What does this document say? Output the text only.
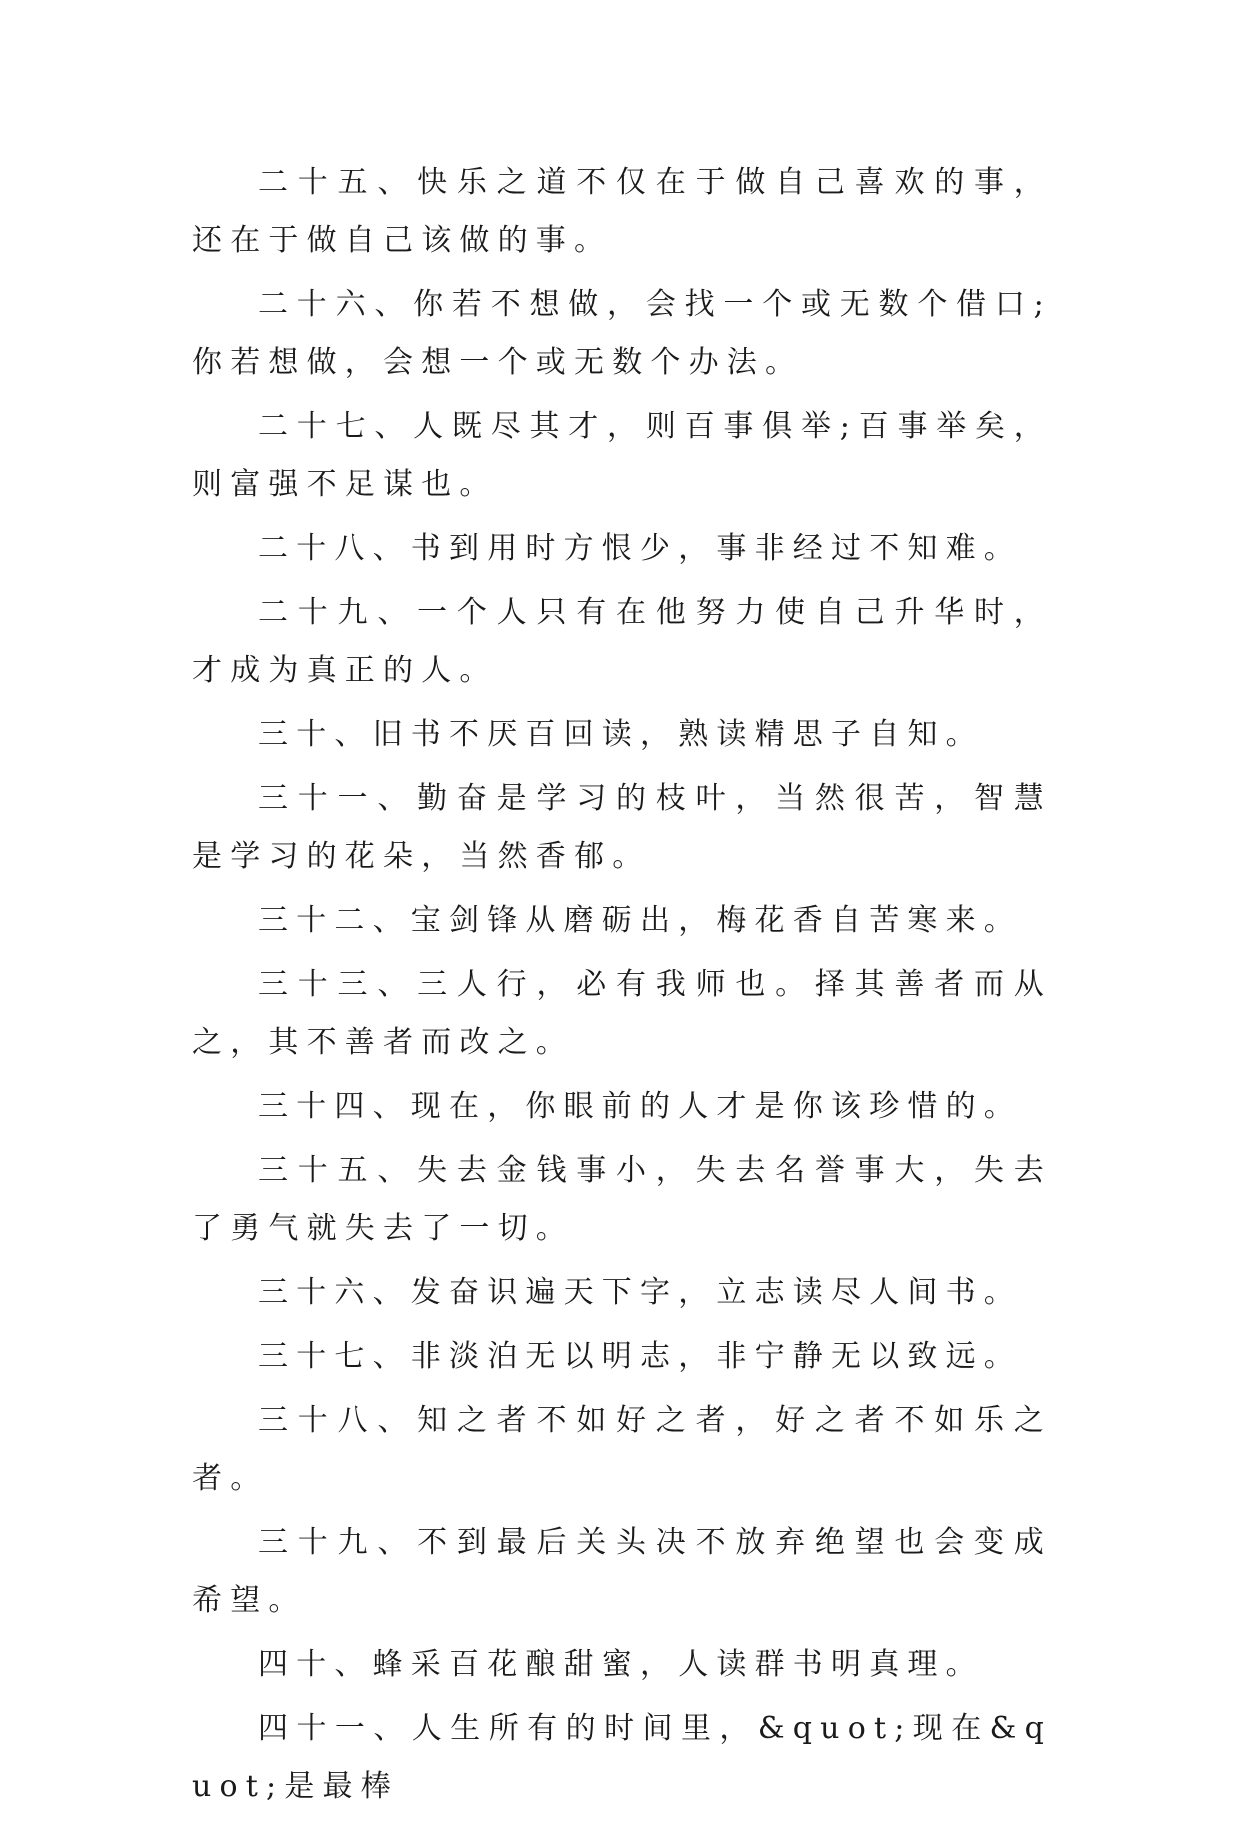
二十五、快乐之道不仅在于做自己喜欢的事，还在于做自己该做的事。

二十六、你若不想做，会找一个或无数个借口;你若想做，会想一个或无数个办法。

二十七、人既尽其才，则百事俱举;百事举矣，则富强不足谋也。

二十八、书到用时方恨少，事非经过不知难。

二十九、一个人只有在他努力使自己升华时，才成为真正的人。

三十、旧书不厌百回读，熟读精思子自知。

三十一、勤奋是学习的枝叶，当然很苦，智慧是学习的花朵，当然香郁。

三十二、宝剑锋从磨砺出，梅花香自苦寒来。

三十三、三人行，必有我师也。择其善者而从之，其不善者而改之。

三十四、现在，你眼前的人才是你该珍惜的。

三十五、失去金钱事小，失去名誉事大，失去了勇气就失去了一切。

三十六、发奋识遍天下字，立志读尽人间书。

三十七、非淡泊无以明志，非宁静无以致远。

三十八、知之者不如好之者，好之者不如乐之者。

三十九、不到最后关头决不放弃绝望也会变成希望。

四十、蜂采百花酿甜蜜，人读群书明真理。

四十一、人生所有的时间里，&quot;现在&quot;是最棒
